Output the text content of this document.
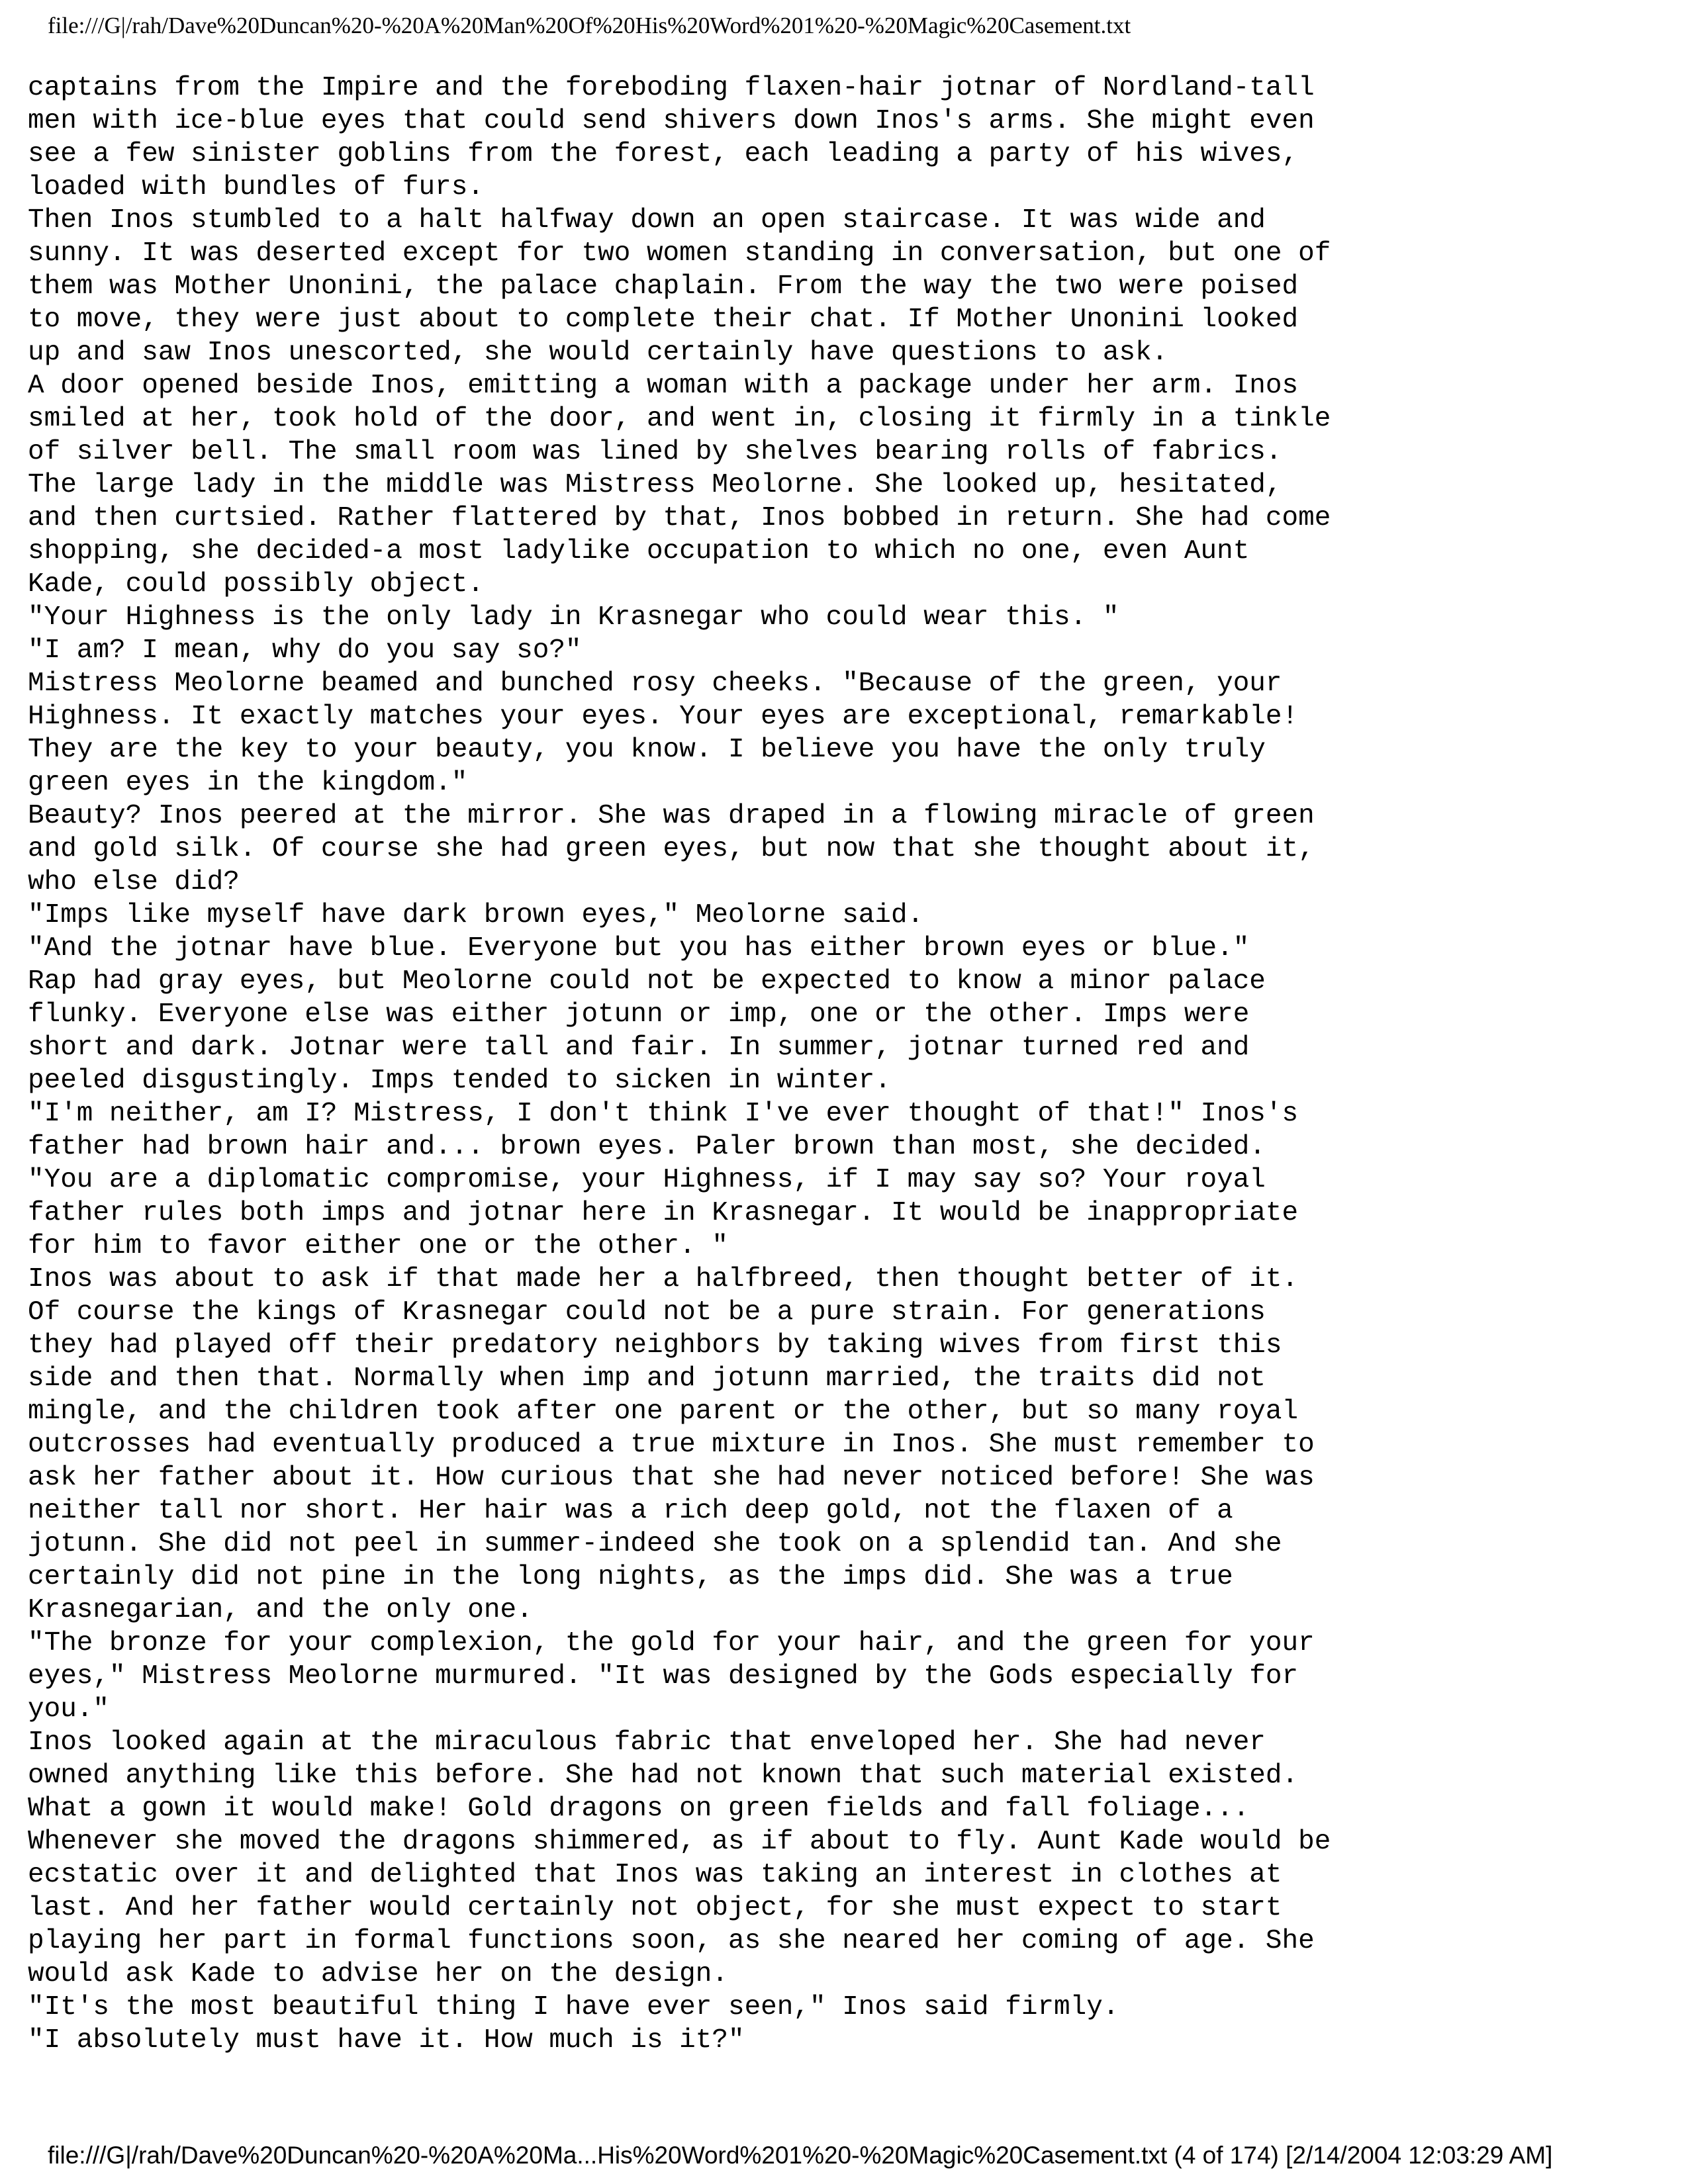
file:///G|/rah/Dave%20Duncan%20-%20A%20Man%20Of%20His%20Word%201%20-%20Magic%20Casement.txt
captains from the Impire and the foreboding flaxen-hair jotnar of Nordland-tall
men with ice-blue eyes that could send shivers down Inos's arms. She might even
see a few sinister goblins from the forest, each leading a party of his wives,
loaded with bundles of furs.
Then Inos stumbled to a halt halfway down an open staircase. It was wide and
sunny. It was deserted except for two women standing in conversation, but one of
them was Mother Unonini, the palace chaplain. From the way the two were poised
to move, they were just about to complete their chat. If Mother Unonini looked
up and saw Inos unescorted, she would certainly have questions to ask.
A door opened beside Inos, emitting a woman with a package under her arm. Inos
smiled at her, took hold of the door, and went in, closing it firmly in a tinkle
of silver bell. The small room was lined by shelves bearing rolls of fabrics.
The large lady in the middle was Mistress Meolorne. She looked up, hesitated,
and then curtsied. Rather flattered by that, Inos bobbed in return. She had come
shopping, she decided-a most ladylike occupation to which no one, even Aunt
Kade, could possibly object.
"Your Highness is the only lady in Krasnegar who could wear this. "
"I am? I mean, why do you say so?"
Mistress Meolorne beamed and bunched rosy cheeks. "Because of the green, your
Highness. It exactly matches your eyes. Your eyes are exceptional, remarkable!
They are the key to your beauty, you know. I believe you have the only truly
green eyes in the kingdom."
Beauty? Inos peered at the mirror. She was draped in a flowing miracle of green
and gold silk. Of course she had green eyes, but now that she thought about it,
who else did?
"Imps like myself have dark brown eyes," Meolorne said.
"And the jotnar have blue. Everyone but you has either brown eyes or blue."
Rap had gray eyes, but Meolorne could not be expected to know a minor palace
flunky. Everyone else was either jotunn or imp, one or the other. Imps were
short and dark. Jotnar were tall and fair. In summer, jotnar turned red and
peeled disgustingly. Imps tended to sicken in winter.
"I'm neither, am I? Mistress, I don't think I've ever thought of that!" Inos's
father had brown hair and... brown eyes. Paler brown than most, she decided.
"You are a diplomatic compromise, your Highness, if I may say so? Your royal
father rules both imps and jotnar here in Krasnegar. It would be inappropriate
for him to favor either one or the other. "
Inos was about to ask if that made her a halfbreed, then thought better of it.
Of course the kings of Krasnegar could not be a pure strain. For generations
they had played off their predatory neighbors by taking wives from first this
side and then that. Normally when imp and jotunn married, the traits did not
mingle, and the children took after one parent or the other, but so many royal
outcrosses had eventually produced a true mixture in Inos. She must remember to
ask her father about it. How curious that she had never noticed before! She was
neither tall nor short. Her hair was a rich deep gold, not the flaxen of a
jotunn. She did not peel in summer-indeed she took on a splendid tan. And she
certainly did not pine in the long nights, as the imps did. She was a true
Krasnegarian, and the only one.
"The bronze for your complexion, the gold for your hair, and the green for your
eyes," Mistress Meolorne murmured. "It was designed by the Gods especially for
you."
Inos looked again at the miraculous fabric that enveloped her. She had never
owned anything like this before. She had not known that such material existed.
What a gown it would make! Gold dragons on green fields and fall foliage...
Whenever she moved the dragons shimmered, as if about to fly. Aunt Kade would be
ecstatic over it and delighted that Inos was taking an interest in clothes at
last. And her father would certainly not object, for she must expect to start
playing her part in formal functions soon, as she neared her coming of age. She
would ask Kade to advise her on the design.
"It's the most beautiful thing I have ever seen," Inos said firmly.
"I absolutely must have it. How much is it?"
file:///G|/rah/Dave%20Duncan%20-%20A%20Ma...His%20Word%201%20-%20Magic%20Casement.txt (4 of 174) [2/14/2004 12:03:29 AM]
